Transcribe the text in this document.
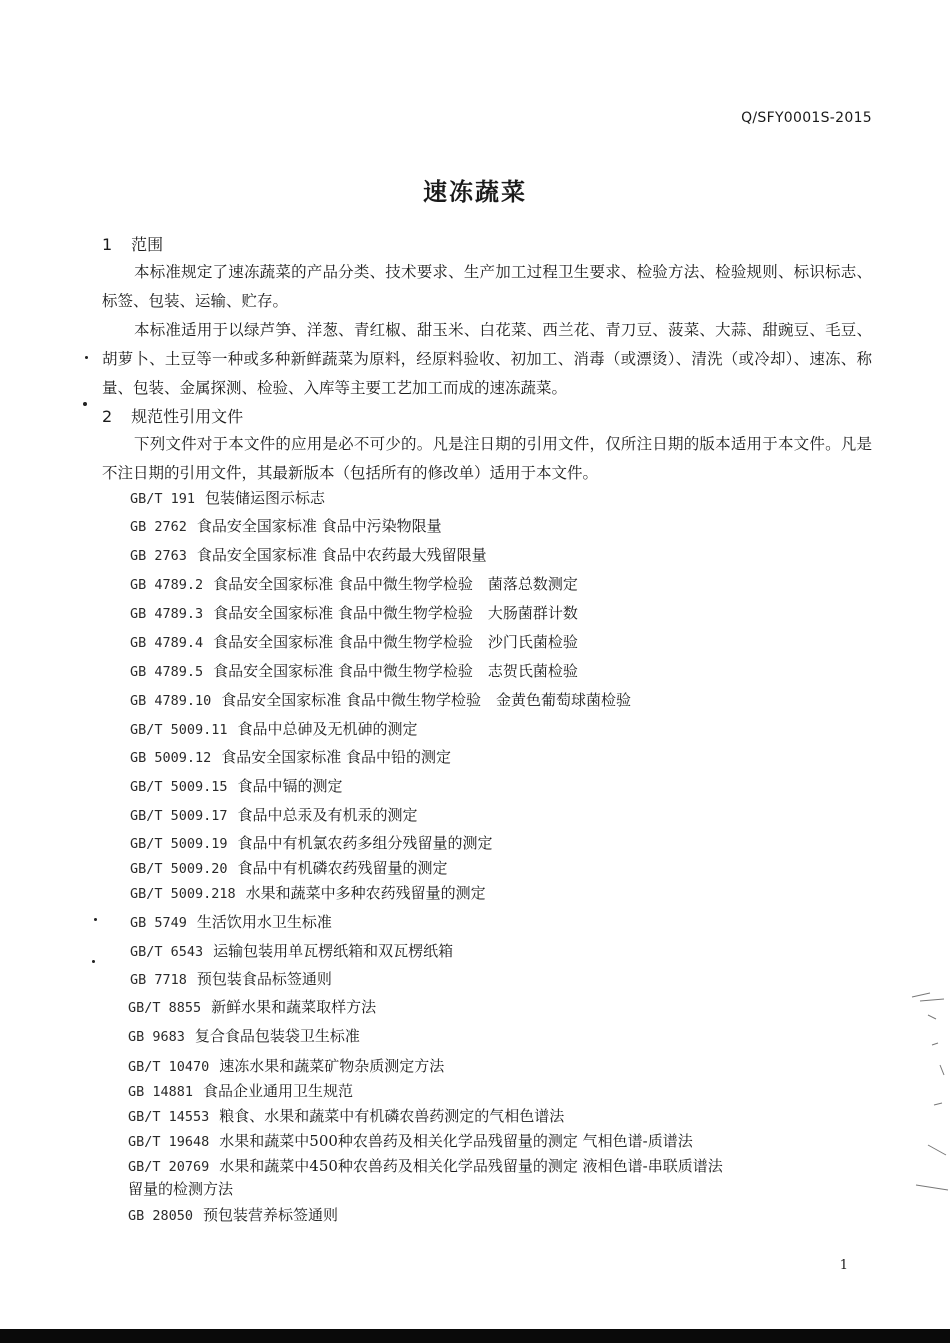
Q/SFY0001S-2015
速冻蔬菜
1 范围
本标准规定了速冻蔬菜的产品分类、技术要求、生产加工过程卫生要求、检验方法、检验规则、标识标志、标签、包装、运输、贮存。
本标准适用于以绿芦笋、洋葱、青红椒、甜玉米、白花菜、西兰花、青刀豆、菠菜、大蒜、甜豌豆、毛豆、胡萝卜、土豆等一种或多种新鲜蔬菜为原料，经原料验收、初加工、消毒（或漂烫）、清洗（或冷却）、速冻、称量、包装、金属探测、检验、入库等主要工艺加工而成的速冻蔬菜。
2 规范性引用文件
下列文件对于本文件的应用是必不可少的。凡是注日期的引用文件，仅所注日期的版本适用于本文件。凡是不注日期的引用文件，其最新版本（包括所有的修改单）适用于本文件。
GB/T 191 包装储运图示标志
GB 2762 食品安全国家标准 食品中污染物限量
GB 2763 食品安全国家标准 食品中农药最大残留限量
GB 4789.2 食品安全国家标准 食品中微生物学检验　菌落总数测定
GB 4789.3 食品安全国家标准 食品中微生物学检验　大肠菌群计数
GB 4789.4 食品安全国家标准 食品中微生物学检验　沙门氏菌检验
GB 4789.5 食品安全国家标准 食品中微生物学检验　志贺氏菌检验
GB 4789.10 食品安全国家标准 食品中微生物学检验　金黄色葡萄球菌检验
GB/T 5009.11 食品中总砷及无机砷的测定
GB 5009.12 食品安全国家标准 食品中铅的测定
GB/T 5009.15 食品中镉的测定
GB/T 5009.17 食品中总汞及有机汞的测定
GB/T 5009.19 食品中有机氯农药多组分残留量的测定
GB/T 5009.20 食品中有机磷农药残留量的测定
GB/T 5009.218 水果和蔬菜中多种农药残留量的测定
GB 5749 生活饮用水卫生标准
GB/T 6543 运输包装用单瓦楞纸箱和双瓦楞纸箱
GB 7718 预包装食品标签通则
GB/T 8855 新鲜水果和蔬菜取样方法
GB 9683 复合食品包装袋卫生标准
GB/T 10470 速冻水果和蔬菜矿物杂质测定方法
GB 14881 食品企业通用卫生规范
GB/T 14553 粮食、水果和蔬菜中有机磷农兽药测定的气相色谱法
GB/T 19648 水果和蔬菜中500种农兽药及相关化学品残留量的测定 气相色谱-质谱法
GB/T 20769 水果和蔬菜中450种农兽药及相关化学品残留量的测定 液相色谱-串联质谱法
GB 28050 预包装营养标签通则
留量的检测方法
1
